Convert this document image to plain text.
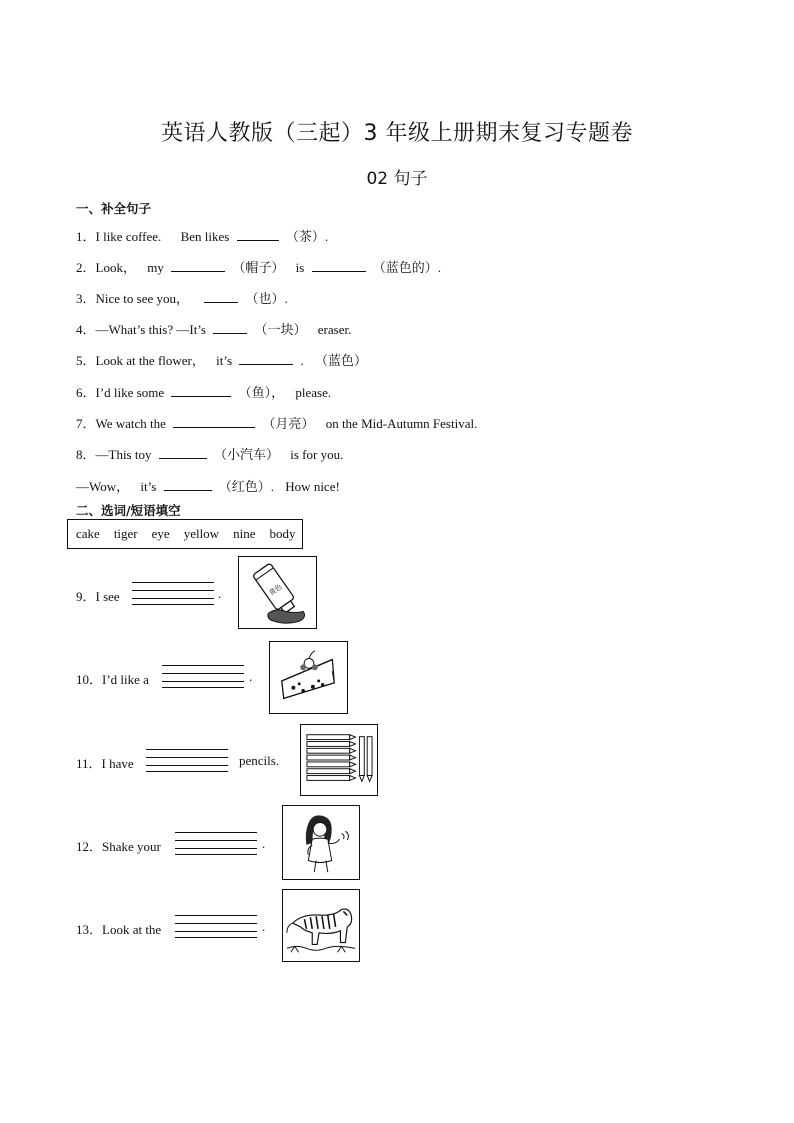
英语人教版（三起）3 年级上册期末复习专题卷
02 句子
一、补全句子
1．I like coffee. Ben likes	（茶）.
2．Look， my	（帽子） is	（蓝色的）.
3．Nice to see you，	（也）.
4．—What’s this? —It’s	（一块） eraser.
5．Look at the flower， it’s	. （蓝色）
6．I’d like some	（鱼）， please.
7．We watch the	（月亮） on the Mid-Autumn Festival.
8．—This toy	（小汽车） is for you.
—Wow， it’s	（红色）. How nice!
二、选词/短语填空
cake tiger eye yellow nine body
9．I see	.	黄色
10．I’d like a	.
11．I have	pencils.
12．Shake your	.
13．Look at the	.
